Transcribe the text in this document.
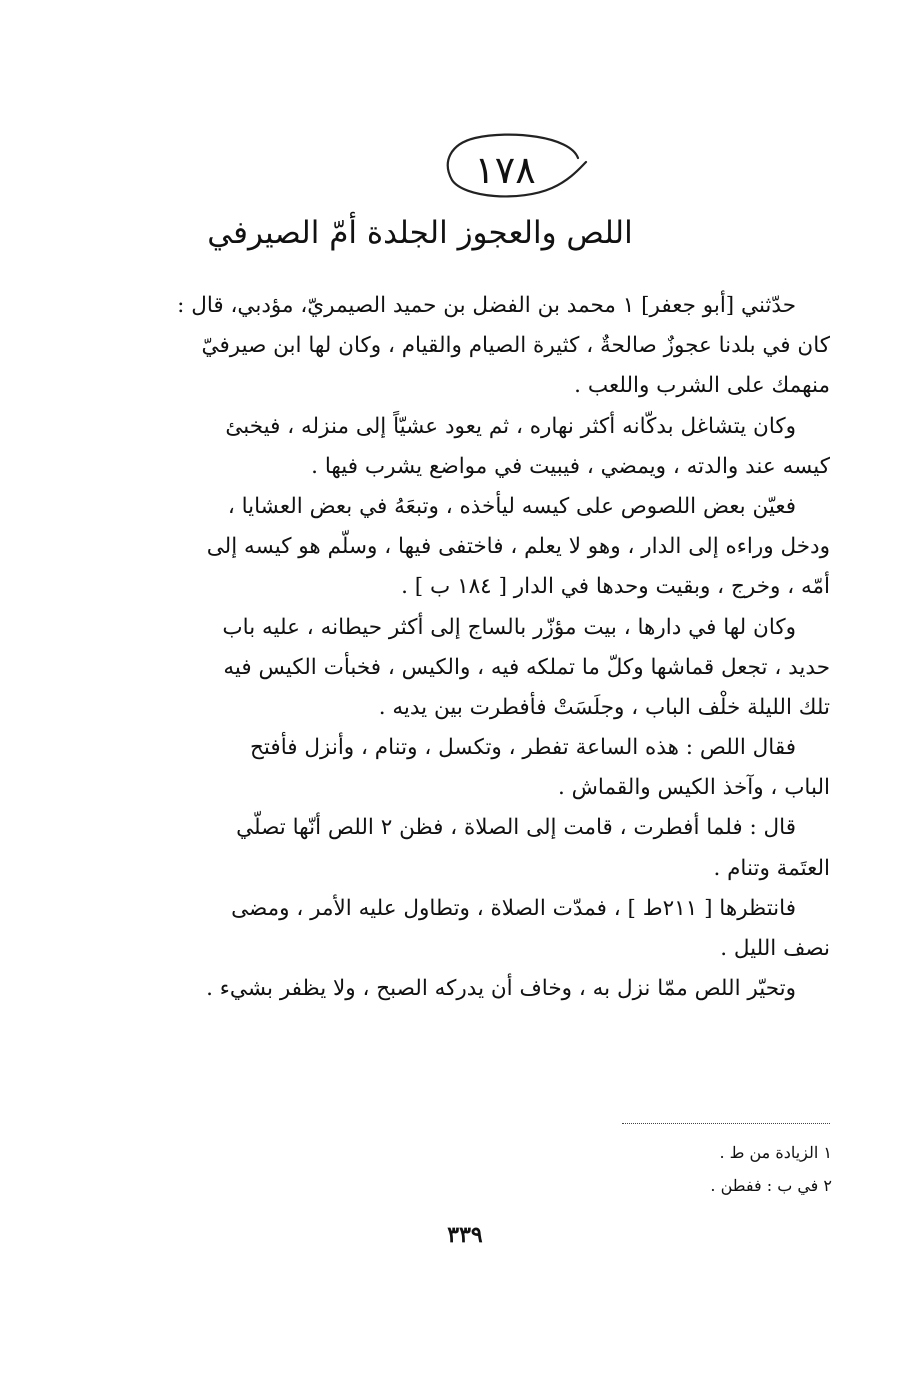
١٧٨
اللص والعجوز الجلدة أمّ الصيرفي
حدّثني [أبو جعفر] ١ محمد بن الفضل بن حميد الصيمريّ، مؤدبي، قال :
كان في بلدنا عجوزٌ صالحةٌ ، كثيرة الصيام والقيام ، وكان لها ابن صيرفيّ
منهمك على الشرب واللعب .
وكان يتشاغل بدكّانه أكثر نهاره ، ثم يعود عشيّاً إلى منزله ، فيخبئ
كيسه عند والدته ، ويمضي ، فيبيت في مواضع يشرب فيها .
فعيّن بعض اللصوص على كيسه ليأخذه ، وتبعَهُ في بعض العشايا ،
ودخل وراءه إلى الدار ، وهو لا يعلم ، فاختفى فيها ، وسلّم هو كيسه إلى
أمّه ، وخرج ، وبقيت وحدها في الدار [ ١٨٤ ب ] .
وكان لها في دارها ، بيت مؤزّر بالساج إلى أكثر حيطانه ، عليه باب
حديد ، تجعل قماشها وكلّ ما تملكه فيه ، والكيس ، فخبأت الكيس فيه
تلك الليلة خلْف الباب ، وجلَسَتْ فأفطرت بين يديه .
فقال اللص : هذه الساعة تفطر ، وتكسل ، وتنام ، وأنزل فأفتح
الباب ، وآخذ الكيس والقماش .
قال : فلما أفطرت ، قامت إلى الصلاة ، فظن ٢ اللص أنّها تصلّي
العتَمة وتنام .
فانتظرها [ ٢١١ط ] ، فمدّت الصلاة ، وتطاول عليه الأمر ، ومضى
نصف الليل .
وتحيّر اللص ممّا نزل به ، وخاف أن يدركه الصبح ، ولا يظفر بشيء .
١ الزيادة من ط .
٢ في ب : ففطن .
٣٣٩
